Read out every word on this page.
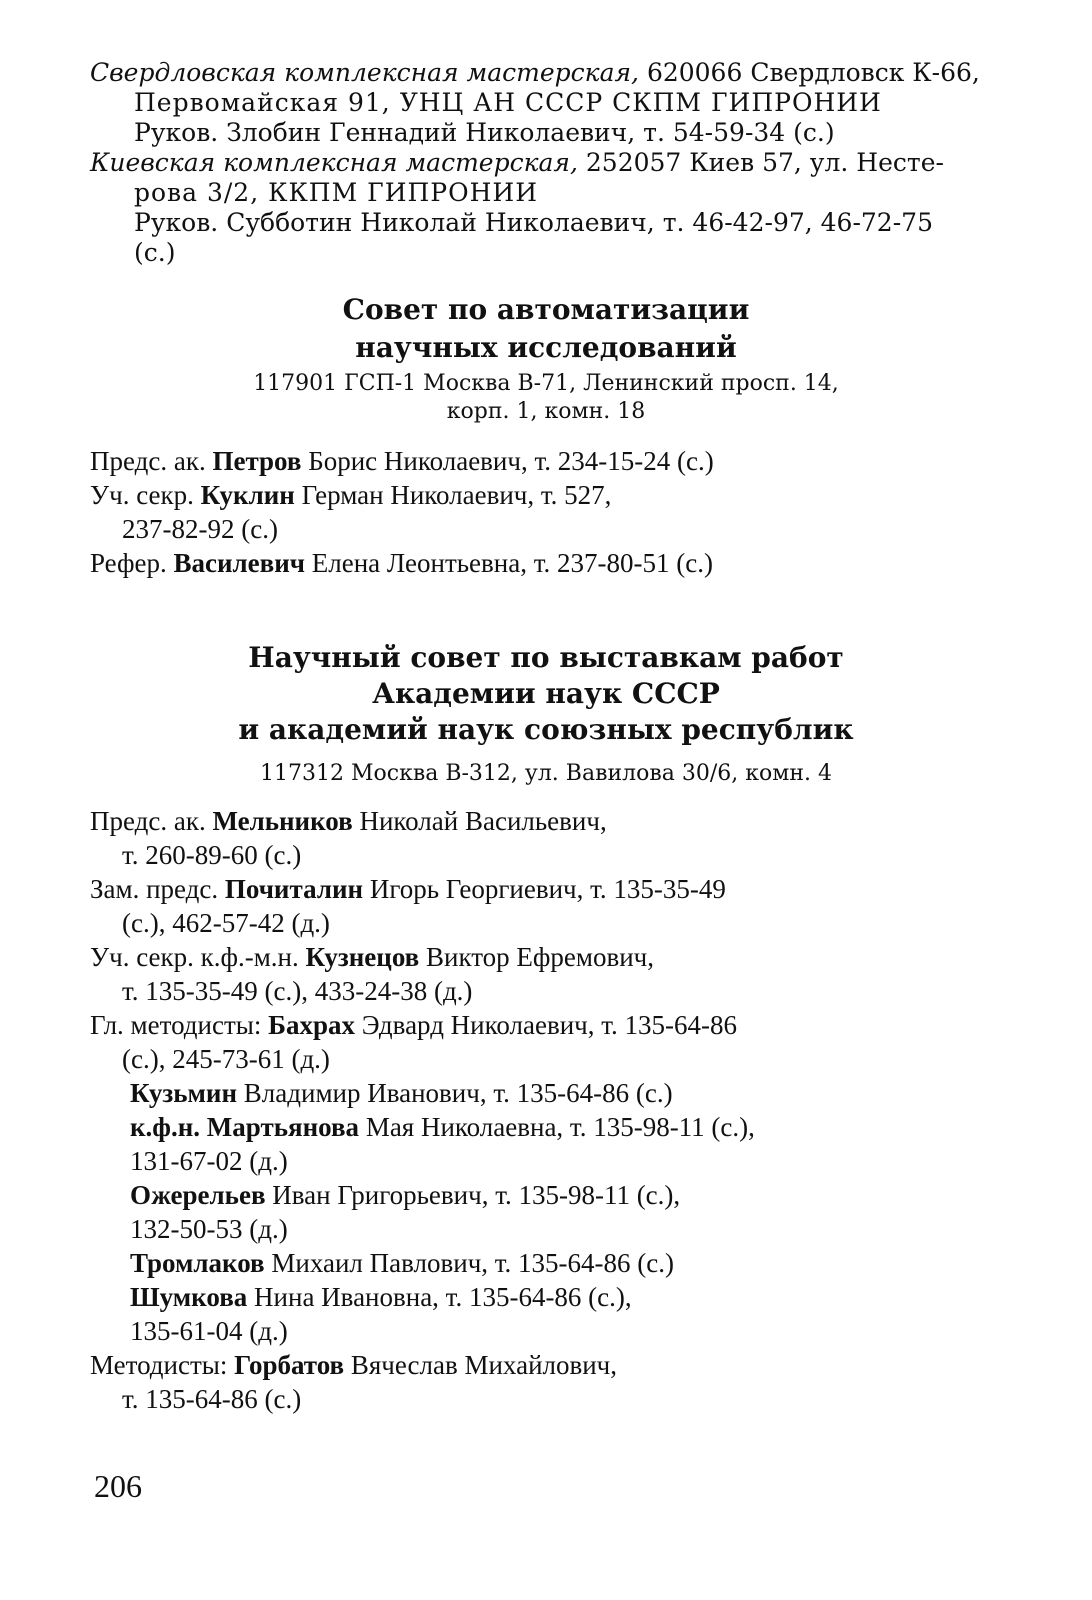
Свердловская комплексная мастерская, 620066 Свердловск К-66,
Первомайская 91, УНЦ АН СССР СКПМ ГИПРОНИИ
Руков. Злобин Геннадий Николаевич, т. 54-59-34 (с.)
Киевская комплексная мастерская, 252057 Киев 57, ул. Несте-
рова 3/2, ККПМ ГИПРОНИИ
Руков. Субботин Николай Николаевич, т. 46-42-97, 46-72-75
(с.)
Совет по автоматизации
научных исследований
117901 ГСП-1 Москва В-71, Ленинский просп. 14,
корп. 1, комн. 18
Предс. ак. Петров Борис Николаевич, т. 234-15-24 (с.)
Уч. секр. Куклин Герман Николаевич, т. 527,
237-82-92 (с.)
Рефер. Василевич Елена Леонтьевна, т. 237-80-51 (с.)
Научный совет по выставкам работ
Академии наук СССР
и академий наук союзных республик
117312 Москва В-312, ул. Вавилова 30/6, комн. 4
Предс. ак. Мельников Николай Васильевич,
т. 260-89-60 (с.)
Зам. предс. Почиталин Игорь Георгиевич, т. 135-35-49
(с.), 462-57-42 (д.)
Уч. секр. к.ф.-м.н. Кузнецов Виктор Ефремович,
т. 135-35-49 (с.), 433-24-38 (д.)
Гл. методисты: Бахрах Эдвард Николаевич, т. 135-64-86
(с.), 245-73-61 (д.)
Кузьмин Владимир Иванович, т. 135-64-86 (с.)
к.ф.н. Мартьянова Мая Николаевна, т. 135-98-11 (с.),
131-67-02 (д.)
Ожерельев Иван Григорьевич, т. 135-98-11 (с.),
132-50-53 (д.)
Тромлаков Михаил Павлович, т. 135-64-86 (с.)
Шумкова Нина Ивановна, т. 135-64-86 (с.),
135-61-04 (д.)
Методисты: Горбатов Вячеслав Михайлович,
т. 135-64-86 (с.)
206
